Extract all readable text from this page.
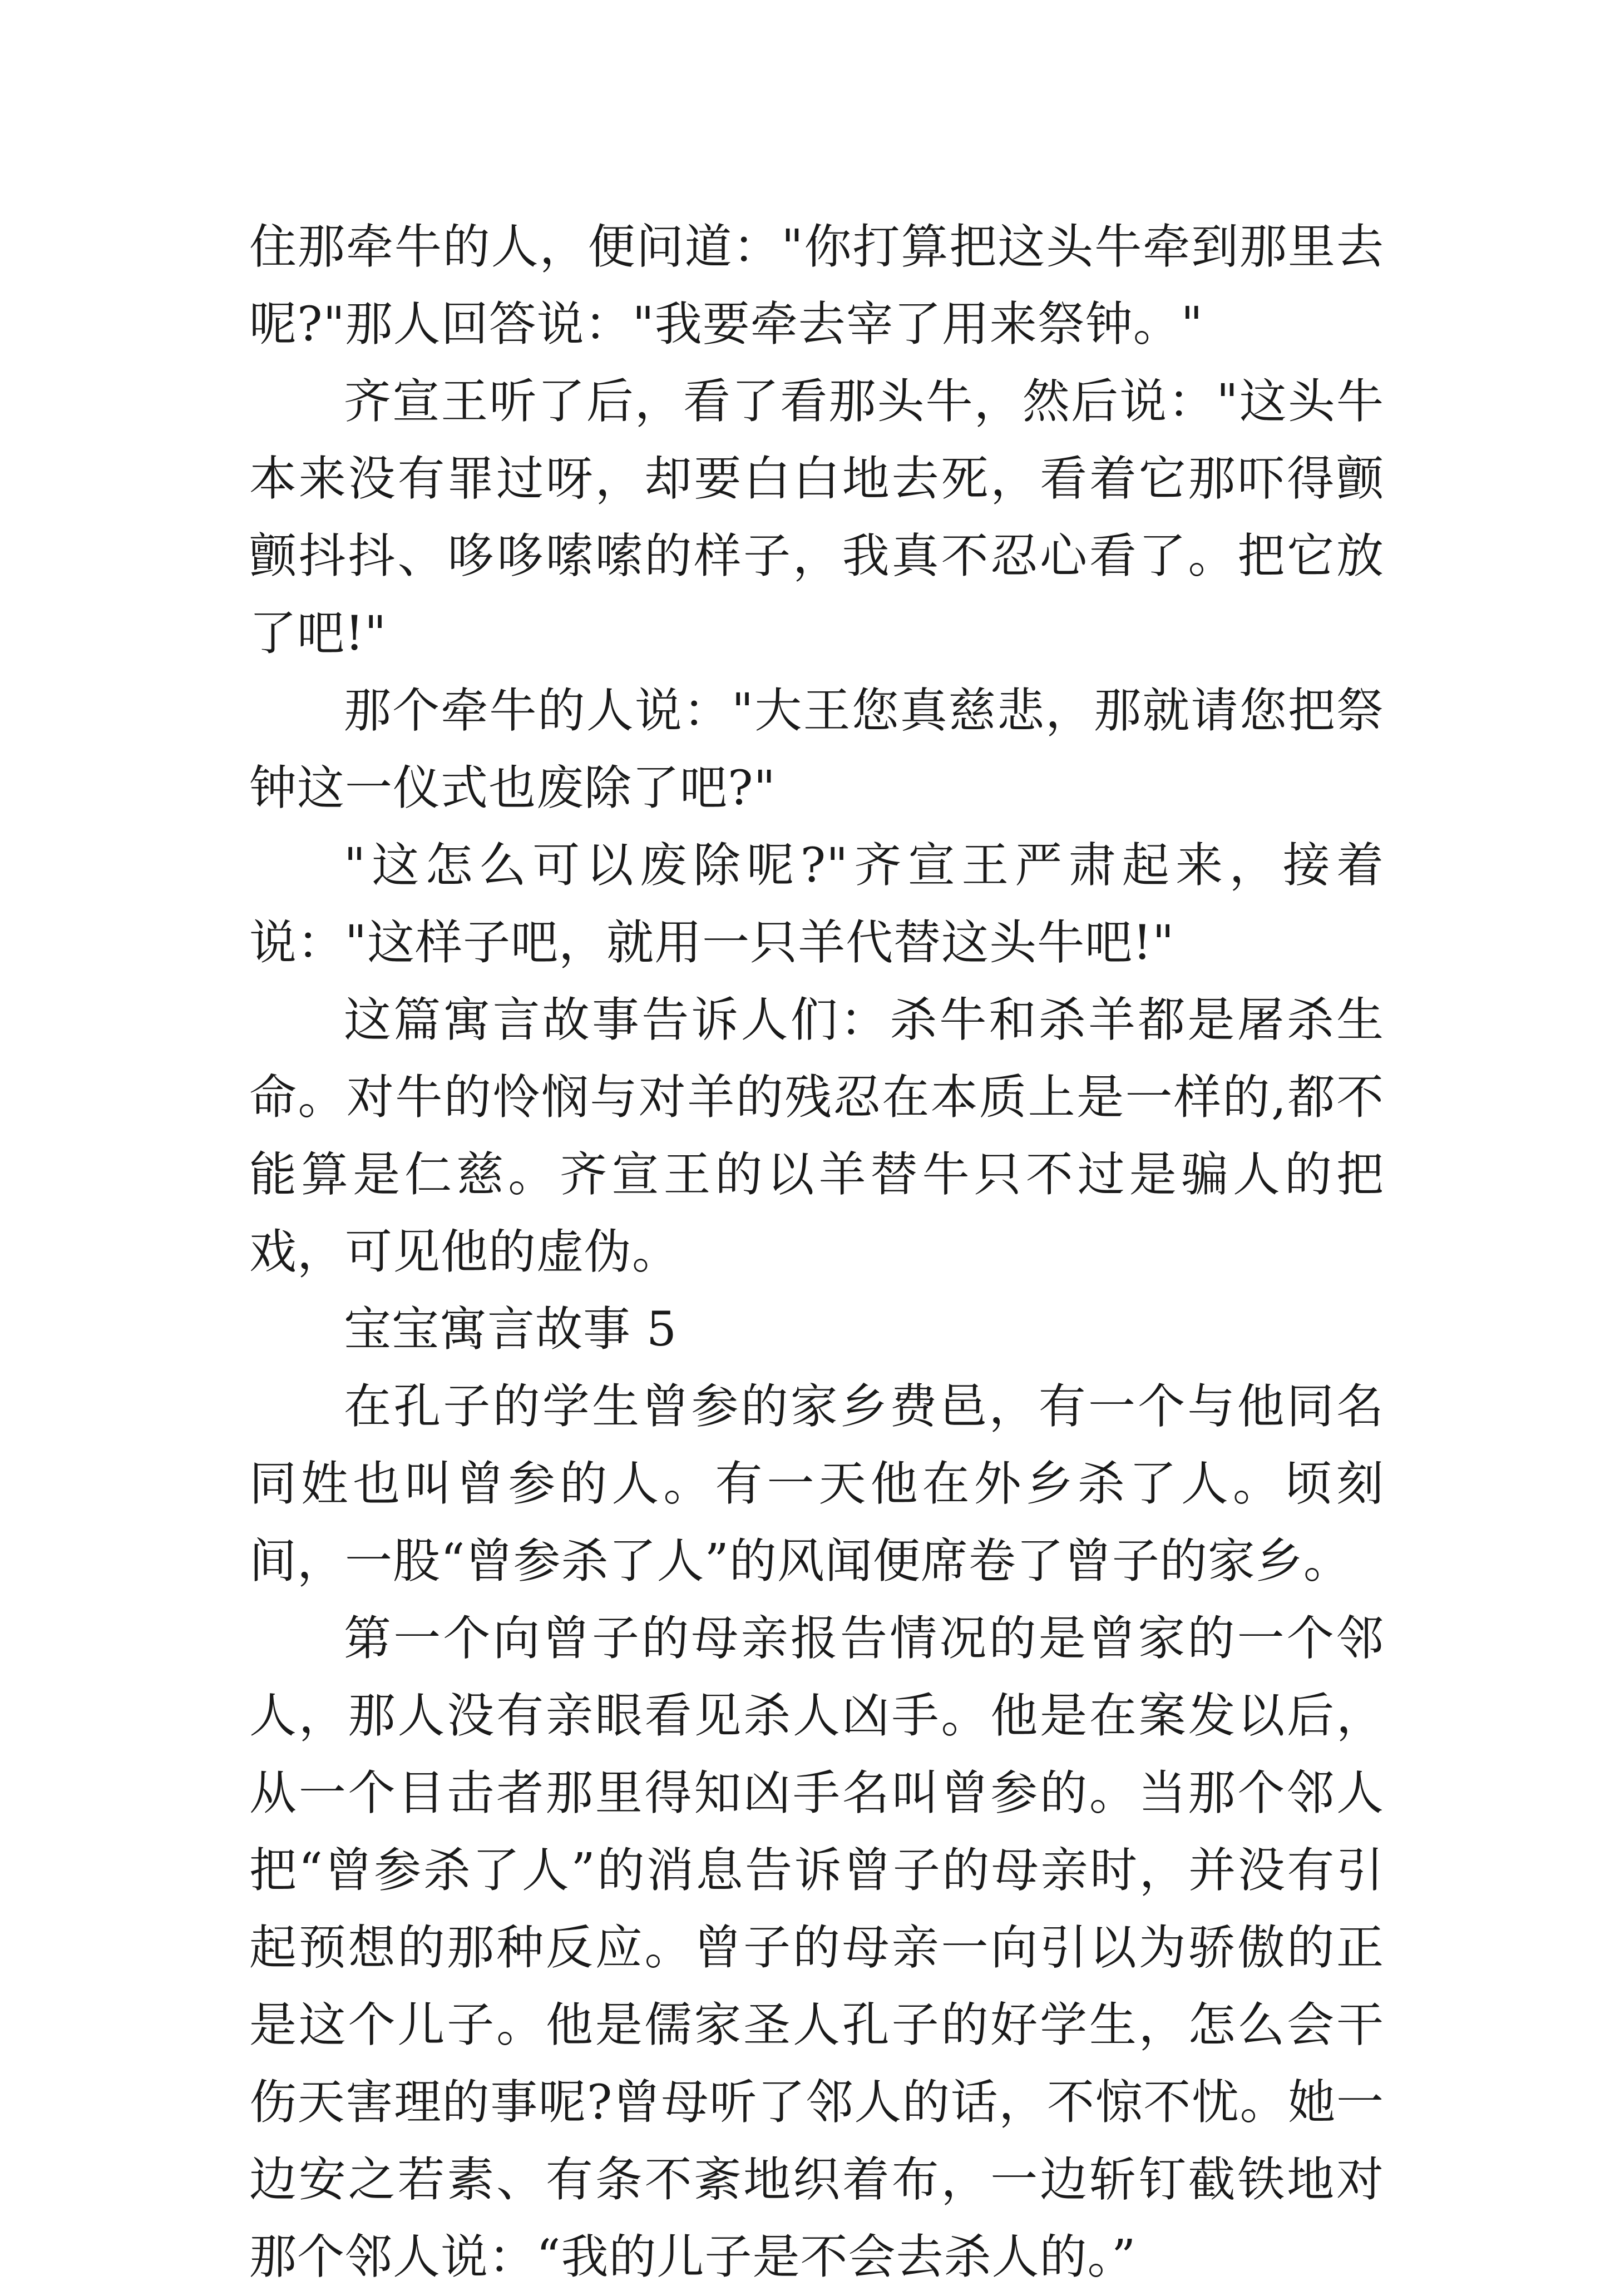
住那牵牛的人，便问道："你打算把这头牛牵到那里去呢?"那人回答说："我要牵去宰了用来祭钟。"

齐宣王听了后，看了看那头牛，然后说："这头牛本来没有罪过呀，却要白白地去死，看着它那吓得颤颤抖抖、哆哆嗦嗦的样子，我真不忍心看了。把它放了吧!"

那个牵牛的人说："大王您真慈悲，那就请您把祭钟这一仪式也废除了吧?"

"这怎么可以废除呢?"齐宣王严肃起来，接着说："这样子吧，就用一只羊代替这头牛吧!"

这篇寓言故事告诉人们：杀牛和杀羊都是屠杀生命。对牛的怜悯与对羊的残忍在本质上是一样的,都不能算是仁慈。齐宣王的以羊替牛只不过是骗人的把戏，可见他的虚伪。

宝宝寓言故事 5

在孔子的学生曾参的家乡费邑，有一个与他同名同姓也叫曾参的人。有一天他在外乡杀了人。顷刻间，一股“曾参杀了人”的风闻便席卷了曾子的家乡。

第一个向曾子的母亲报告情况的是曾家的一个邻人，那人没有亲眼看见杀人凶手。他是在案发以后，从一个目击者那里得知凶手名叫曾参的。当那个邻人把“曾参杀了人”的消息告诉曾子的母亲时，并没有引起预想的那种反应。曾子的母亲一向引以为骄傲的正是这个儿子。他是儒家圣人孔子的好学生，怎么会干伤天害理的事呢?曾母听了邻人的话，不惊不忧。她一边安之若素、有条不紊地织着布，一边斩钉截铁地对那个邻人说：“我的儿子是不会去杀人的。”
